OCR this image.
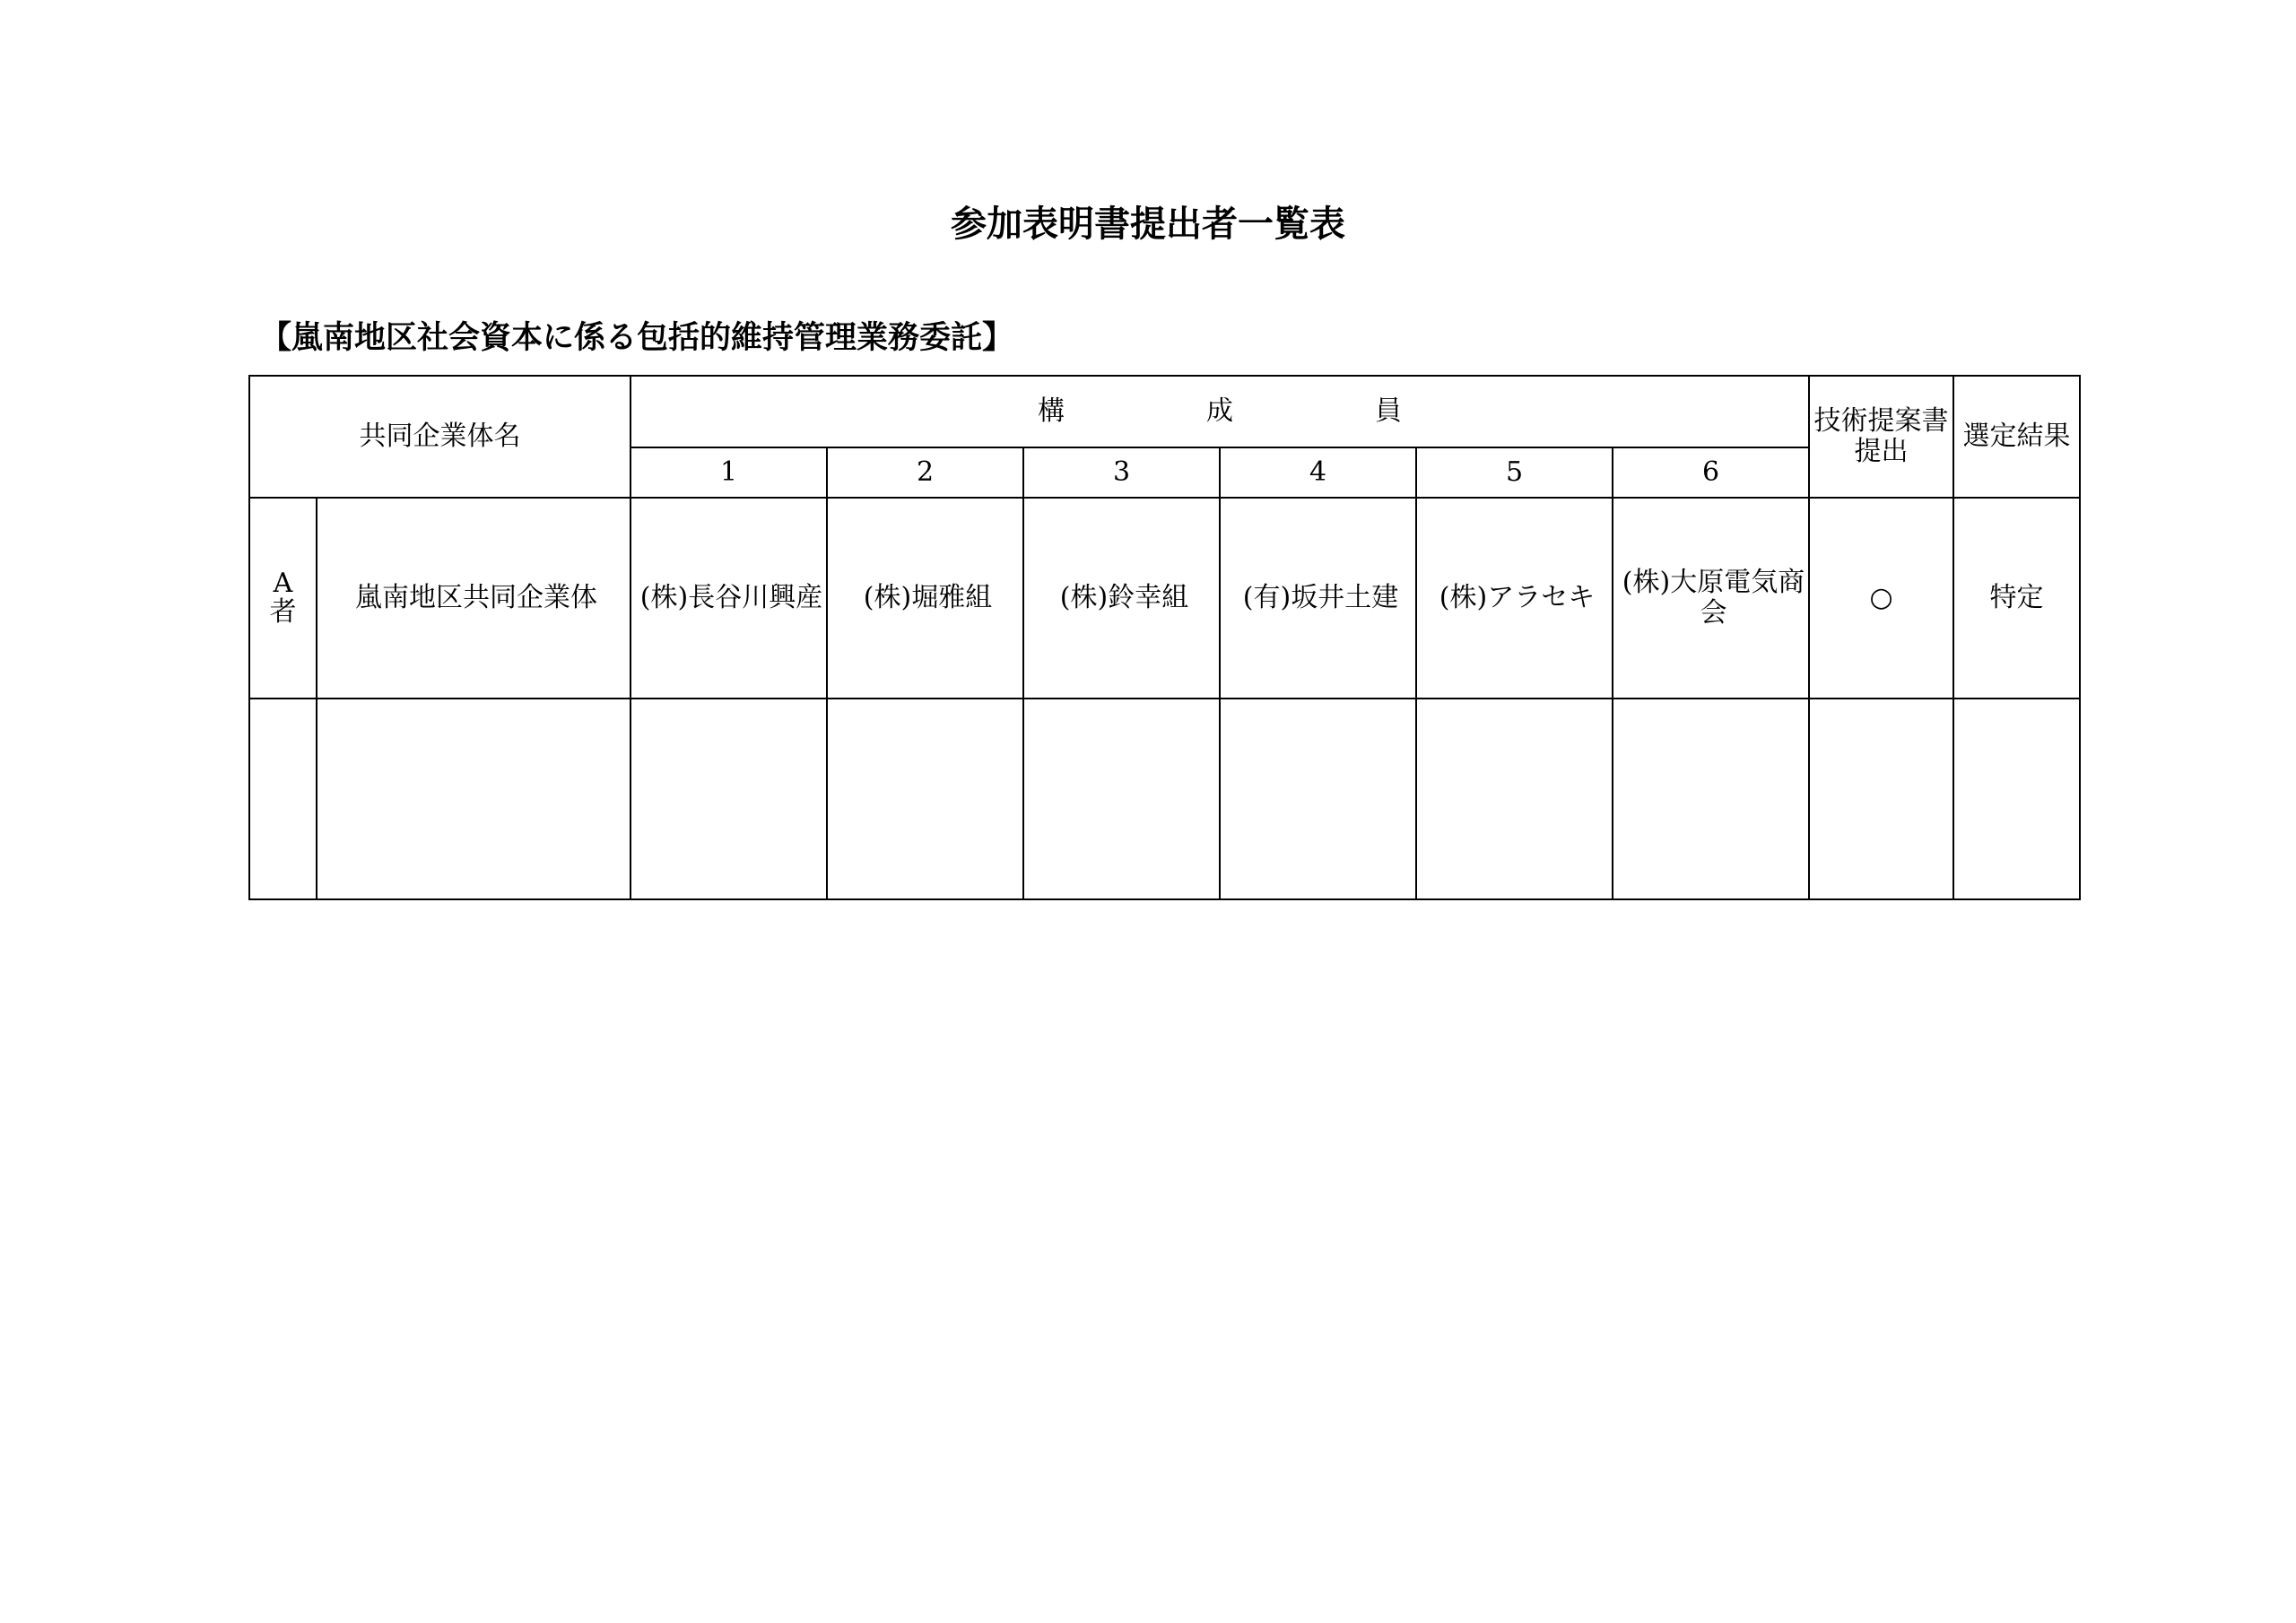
参加表明書提出者一覧表
【嵐南地区社会資本に係る包括的維持管理業務委託】
共同企業体名		構　成　員						技術提案書提出	選定結果
		1	2	3	4	5	6		
A者	嵐南地区共同企業体	(株)長谷川興産	(株)堀雅組	(株)鈴幸組	(有)坂井土建	(株)アラセキ	(株)大原電気商会	○	特定
